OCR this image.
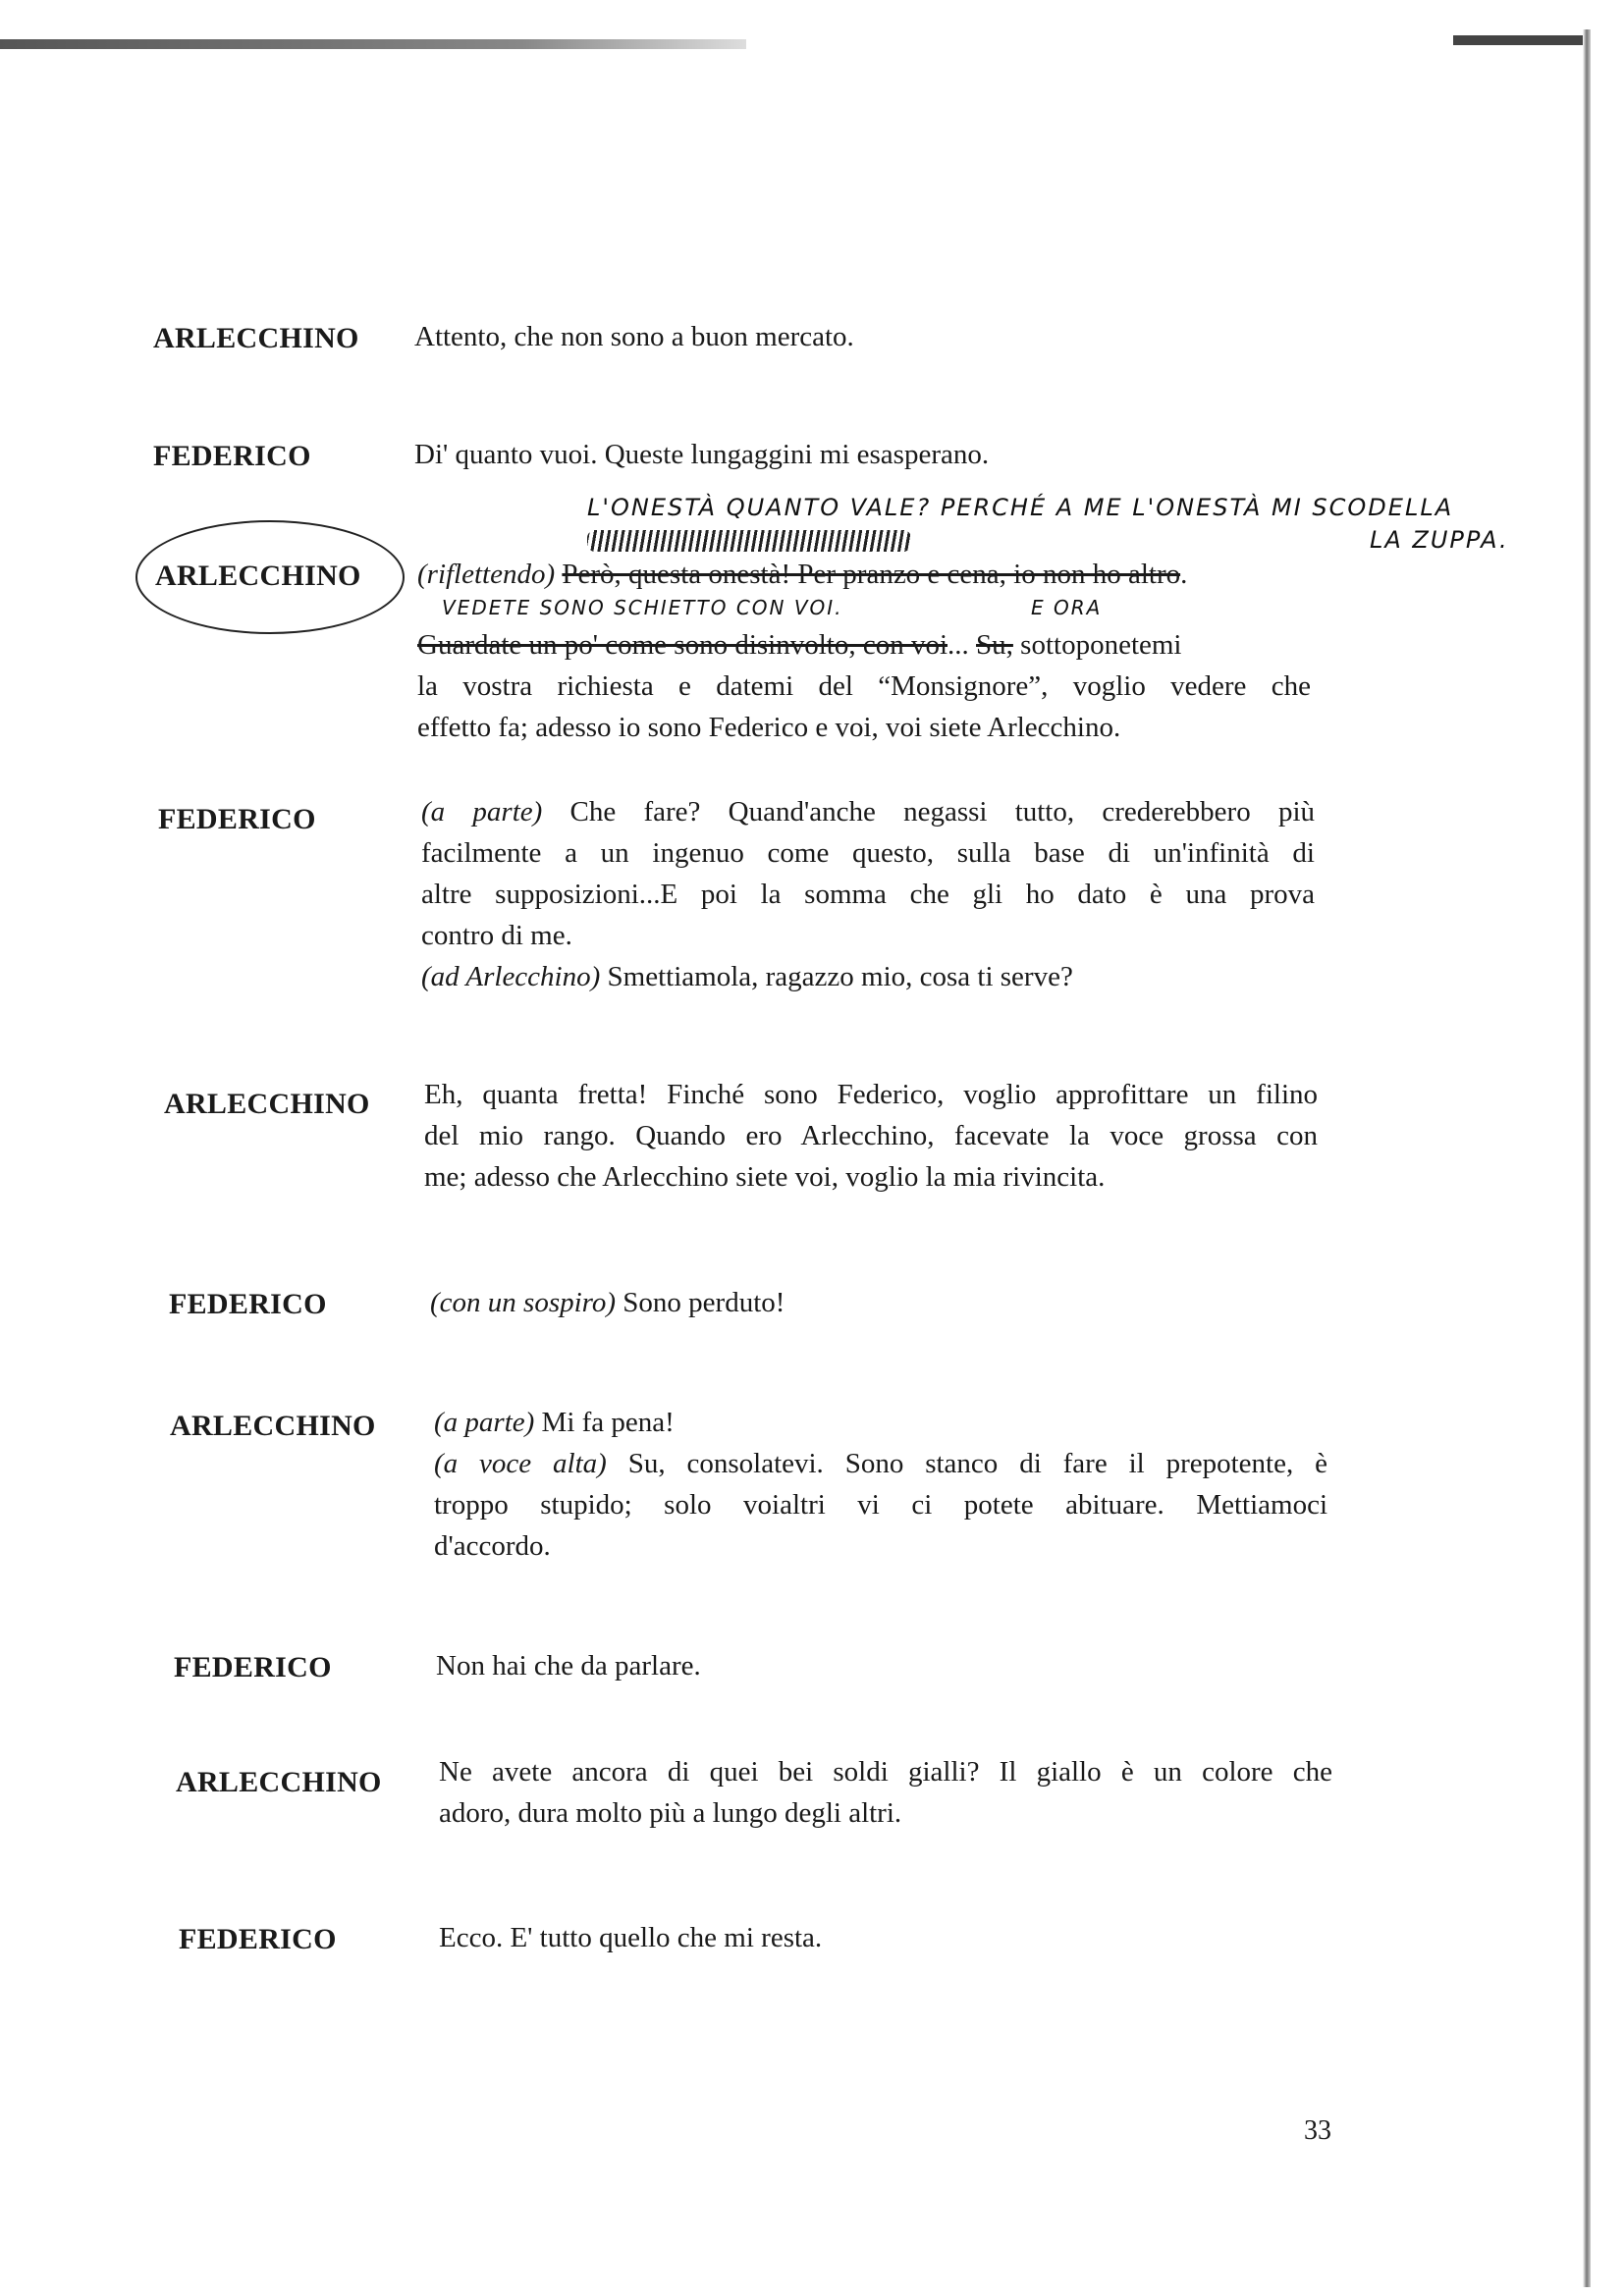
ARLECCHINO Attento, che non sono a buon mercato.
FEDERICO	Di' quanto vuoi. Queste lungaggini mi esasperano.
L'ONESTÀ QUANTO VALE? PERCHÉ A ME L'ONESTÀ MI SCODELLA
LA ZUPPA.
ARLECCHINO (riflettendo) Però, questa onestà! Per pranzo e cena, io non ho altro.
Guardate un po' come sono disinvolto, con voi... Su, sottoponetemi
la vostra richiesta e datemi del “Monsignore”, voglio vedere che
effetto fa; adesso io sono Federico e voi, voi siete Arlecchino.
VEDETE SONO SCHIETTO CON VOI.	E ORA
FEDERICO	(a parte) Che fare? Quand'anche negassi tutto, crederebbero più
facilmente a un ingenuo come questo, sulla base di un'infinità di
altre supposizioni...E poi la somma che gli ho dato è una prova
contro di me.
(ad Arlecchino) Smettiamola, ragazzo mio, cosa ti serve?
ARLECCHINO Eh, quanta fretta! Finché sono Federico, voglio approfittare un filino
del mio rango. Quando ero Arlecchino, facevate la voce grossa con
me; adesso che Arlecchino siete voi, voglio la mia rivincita.
FEDERICO	(con un sospiro) Sono perduto!
ARLECCHINO (a parte) Mi fa pena!
(a voce alta) Su, consolatevi. Sono stanco di fare il prepotente, è
troppo stupido; solo voialtri vi ci potete abituare. Mettiamoci
d'accordo.
FEDERICO	Non hai che da parlare.
ARLECCHINO Ne avete ancora di quei bei soldi gialli? Il giallo è un colore che
adoro, dura molto più a lungo degli altri.
FEDERICO	Ecco. E' tutto quello che mi resta.
33
